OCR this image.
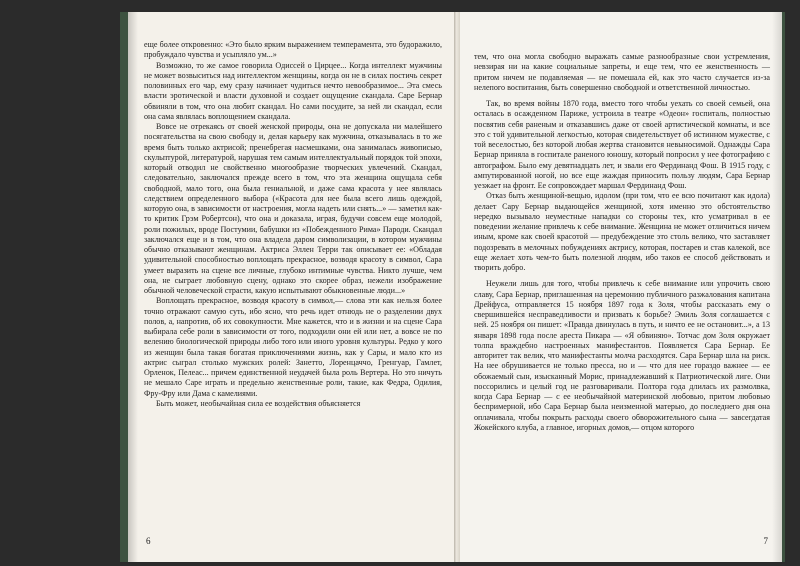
еще более откровенно: «Это было ярким выражением темперамента, это будоражило, пробуждало чувства и усыпляло ум...»

Возможно, то же самое говорила Одиссей о Цирцее... Когда интеллект мужчины не может возвыситься над интеллектом женщины, когда он не в силах постичь секрет половинных его чар, ему сразу начинает чудиться нечто невообразимое... Эта смесь власти эротической и власти духовной и создает ощущение скандала. Саре Бернар обвиняли в том, что она любит скандал. Но сами посудите, за ней ли скандал, если она сама являлась воплощением скандала.

Вовсе не отрекаясь от своей женской природы, она не допускала ни малейшего посягательства на свою свободу и, делая карьеру как мужчина, отказывалась в то же время быть только актрисой; пренебрегая насмешками, она занималась живописью, скульптурой, литературой, нарушая тем самым интеллектуальный порядок той эпохи, который отводил не свойственно многообразие творческих увлечений. Скандал, следовательно, заключался прежде всего в том, что эта женщина ощущала себя свободной, мало того, она была гениальной, и даже сама красота у нее являлась следствием определенного выбора («Красота для нее была всего лишь одеждой, которую она, в зависимости от настроения, могла надеть или снять...» — заметил как-то критик Грэм Робертсон), что она и доказала, играя, будучи совсем еще молодой, роли пожилых, вроде Постумии, бабушки из «Побежденного Рима» Пароди. Скандал заключался еще и в том, что она владела даром символизации, в котором мужчины обычно отказывают женщинам. Актриса Эллен Терри так описывает ее: «Обладая удивительной способностью воплощать прекрасное, возводя красоту в символ, Сара умеет выразить на сцене все личные, глубоко интимные чувства. Никто лучше, чем она, не сыграет любовную сцену, однако это скорее образ, нежели изображение обычной человеческой страсти, какую испытывают обыкновенные люди...»

Воплощать прекрасное, возводя красоту в символ,— слова эти как нельзя более точно отражают самую суть, ибо ясно, что речь идет отнюдь не о разделении двух полов, а, напротив, об их совокупности. Мне кажется, что и в жизни и на сцене Сара выбирала себе роли в зависимости от того, подходили они ей или нет, а вовсе не по велению биологической природы либо того или иного уровня культуры. Редко у кого из женщин была такая богатая приключениями жизнь, как у Сары, и мало кто из актрис сыграл столько мужских ролей: Занетто, Лоренцаччо, Гренгуар, Гамлет, Орленок, Пелеас... причем единственной неудачей была роль Вертера. Но это ничуть не мешало Саре играть и предельно женственные роли, такие, как Федра, Одилия, Фру-Фру или Дама с камелиями.

Быть может, необычайная сила ее воздействия объясняется

6

тем, что она могла свободно выражать самые разнообразные свои устремления, невзирая ни на какие социальные запреты, и еще тем, что ее женственность — притом ничем не подавляемая — не помешала ей, как это часто случается из-за нелепого воспитания, быть совершенно свободной и ответственной личностью.

Так, во время войны 1870 года, вместо того чтобы уехать со своей семьей, она осталась в осажденном Париже, устроила в театре «Одеон» госпиталь, полностью посвятив себя раненым и отказавшись даже от своей артистической комнаты, и все это с той удивительной легкостью, которая свидетельствует об истинном мужестве, с той веселостью, без которой любая жертва становится невыносимой. Однажды Сара Бернар приняла в госпитале раненого юношу, который попросил у нее фотографию с автографом. Было ему девятнадцать лет, и звали его Фердинанд Фош. В 1915 году, с ампутированной ногой, но все еще жаждая приносить пользу людям, Сара Бернар уезжает на фронт. Ее сопровождает маршал Фердинанд Фош.

Отказ быть женщиной-вещью, идолом (при том, что ее всю почитают как идола) делает Сару Бернар выдающейся женщиной, хотя именно это обстоятельство нередко вызывало неуместные нападки со стороны тех, кто усматривал в ее поведении желание привлечь к себе внимание. Женщина не может отличиться ничем иным, кроме как своей красотой — предубеждение это столь велико, что заставляет подозревать в мелочных побуждениях актрису, которая, постарев и став калекой, все еще желает хоть чем-то быть полезной людям, ибо таков ее способ действовать и творить добро.

Неужели лишь для того, чтобы привлечь к себе внимание или упрочить свою славу, Сара Бернар, приглашенная на церемонию публичного разжалования капитана Дрейфуса, отправляется 15 ноября 1897 года к Золя, чтобы рассказать ему о свершившейся несправедливости и призвать к борьбе? Эмиль Золя соглашается с ней. 25 ноября он пишет: «Правда двинулась в путь, и ничто ее не остановит...», а 13 января 1898 года после ареста Пикара — «Я обвиняю». Тотчас дом Золя окружает толпа враждебно настроенных манифестантов. Появляется Сара Бернар. Ее авторитет так велик, что манифестанты молча расходятся. Сара Бернар шла на риск. На нее обрушивается не только пресса, но и — что для нее гораздо важнее — ее обожаемый сын, изысканный Морис, принадлежавший к Патриотической лиге. Они поссорились и целый год не разговаривали. Полтора года длилась их размолвка, когда Сара Бернар — с ее необычайной материнской любовью, притом любовью беспримерной, ибо Сара Бернар была неизменной матерью, до последнего дня она оплачивала, чтобы покрыть расходы своего обворожительного сына — завсегдатая Жокейского клуба, а главное, игорных домов,— отцом которого

7
